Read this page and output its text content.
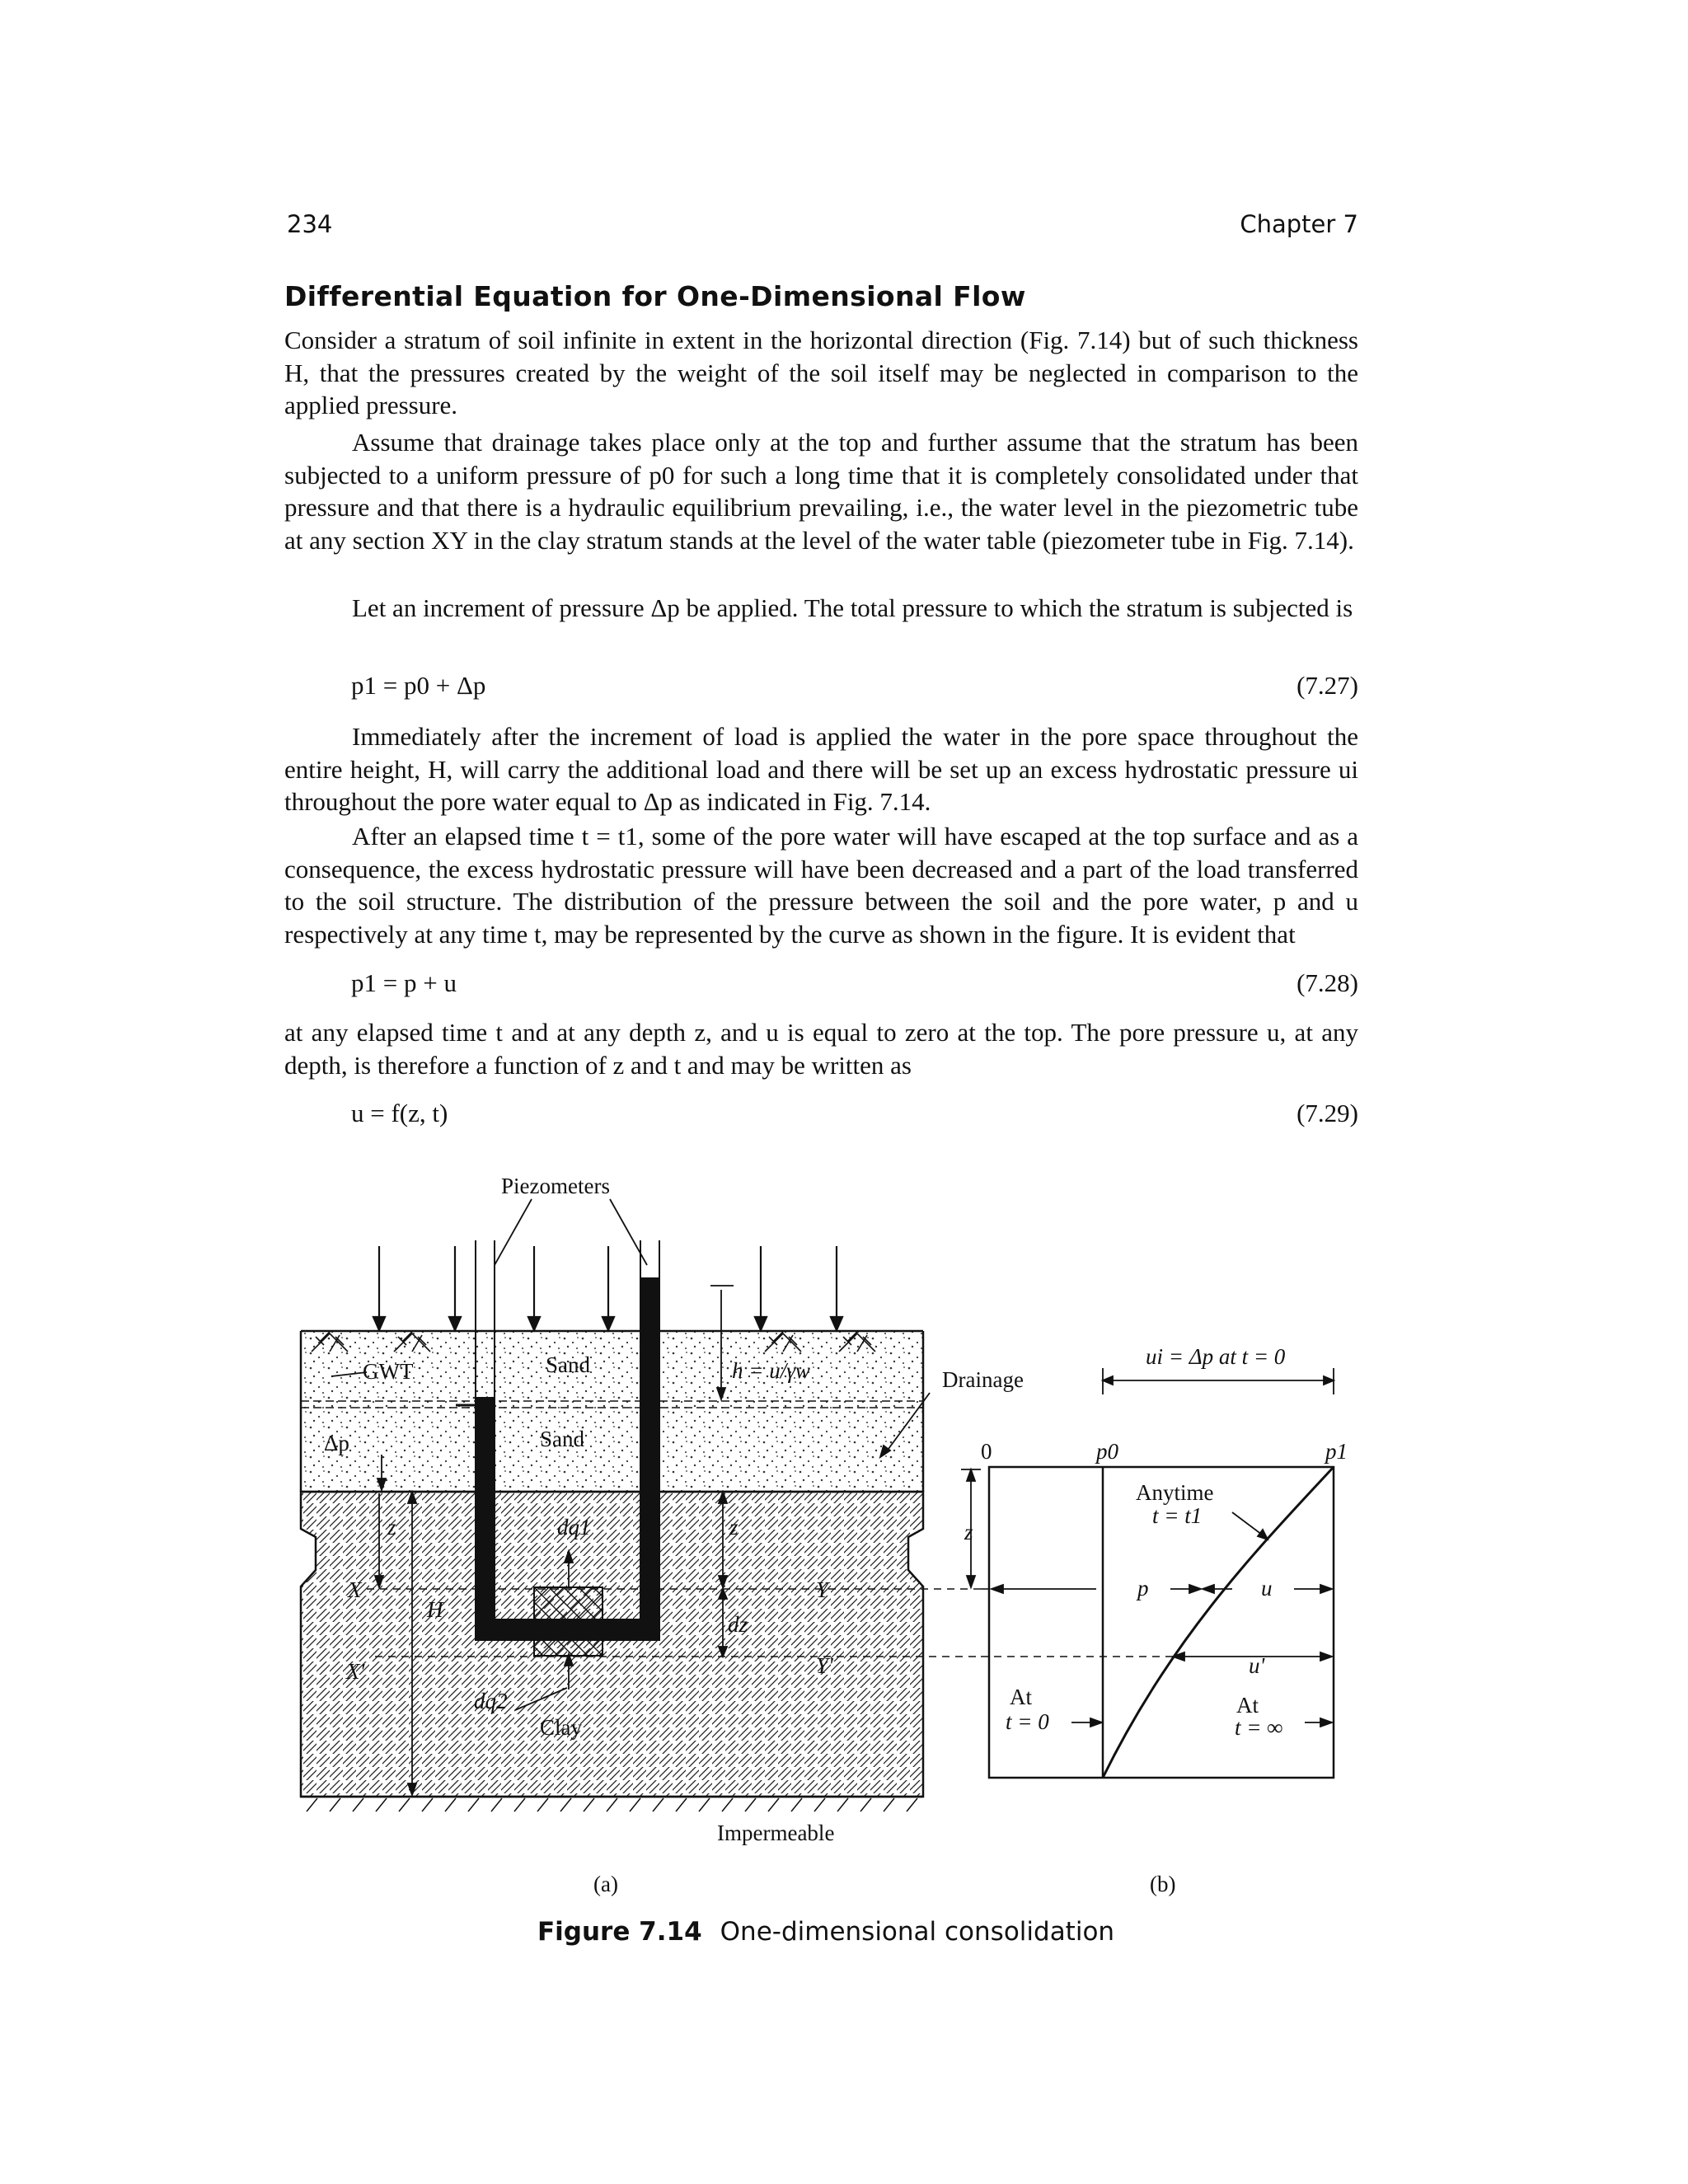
234	Chapter 7
Differential Equation for One-Dimensional Flow

Consider a stratum of soil infinite in extent in the horizontal direction (Fig. 7.14) but of such thickness H, that the pressures created by the weight of the soil itself may be neglected in comparison to the applied pressure.

Assume that drainage takes place only at the top and further assume that the stratum has been subjected to a uniform pressure of p0 for such a long time that it is completely consolidated under that pressure and that there is a hydraulic equilibrium prevailing, i.e., the water level in the piezometric tube at any section XY in the clay stratum stands at the level of the water table (piezometer tube in Fig. 7.14).

Let an increment of pressure Δp be applied. The total pressure to which the stratum is subjected is

p1 = p0 + Δp	(7.27)

Immediately after the increment of load is applied the water in the pore space throughout the entire height, H, will carry the additional load and there will be set up an excess hydrostatic pressure ui throughout the pore water equal to Δp as indicated in Fig. 7.14.

After an elapsed time t = t1, some of the pore water will have escaped at the top surface and as a consequence, the excess hydrostatic pressure will have been decreased and a part of the load transferred to the soil structure. The distribution of the pressure between the soil and the pore water, p and u respectively at any time t, may be represented by the curve as shown in the figure. It is evident that

p1 = p + u	(7.28)

at any elapsed time t and at any depth z, and u is equal to zero at the top. The pore pressure u, at any depth, is therefore a function of z and t and may be written as

u = f(z, t)	(7.29)
Piezometers
Sand
Sand
GWT
Δp
h = u/γw	Drainage
z	z
dz
H
X
X'
Y
Y'
dq1
dq2
Clay
Impermeable
(a)
ui = Δp at t = 0
0	p0	p1
Anytime
t = t1
z
p	u
u'
At
t = 0
At
t = ∞
(b)
Figure 7.14 One-dimensional consolidation
